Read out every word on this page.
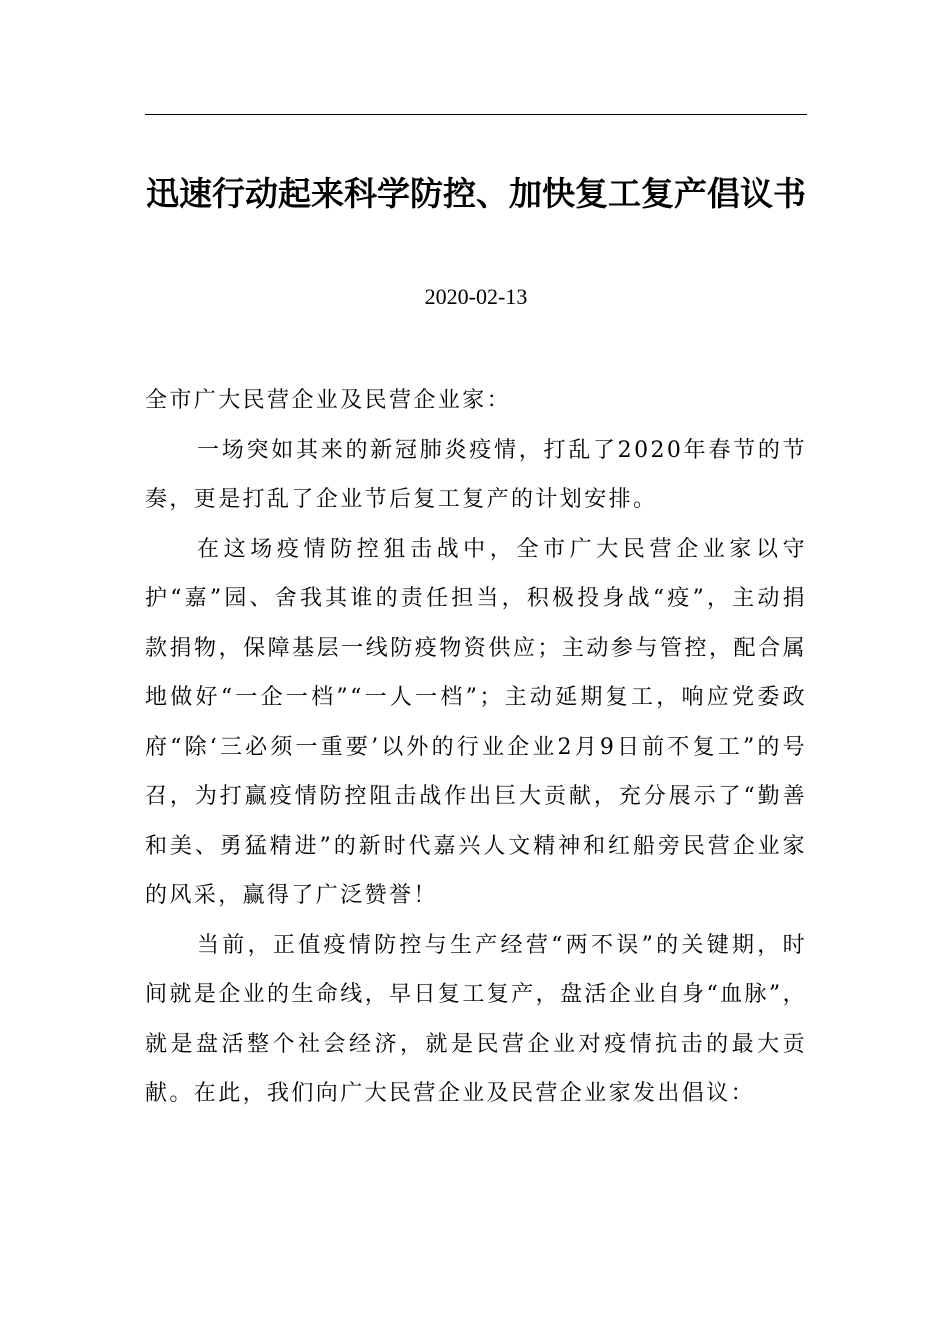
迅速行动起来科学防控、加快复工复产倡议书
2020-02-13

全市广大民营企业及民营企业家：

一场突如其来的新冠肺炎疫情，打乱了2020年春节的节奏，更是打乱了企业节后复工复产的计划安排。

在这场疫情防控狙击战中，全市广大民营企业家以守护“嘉”园、舍我其谁的责任担当，积极投身战“疫”，主动捐款捐物，保障基层一线防疫物资供应；主动参与管控，配合属地做好“一企一档”“一人一档”；主动延期复工，响应党委政府“除‘三必须一重要’以外的行业企业2月9日前不复工”的号召，为打赢疫情防控阻击战作出巨大贡献，充分展示了“勤善和美、勇猛精进”的新时代嘉兴人文精神和红船旁民营企业家的风采，赢得了广泛赞誉！

当前，正值疫情防控与生产经营“两不误”的关键期，时间就是企业的生命线，早日复工复产，盘活企业自身“血脉”，就是盘活整个社会经济，就是民营企业对疫情抗击的最大贡献。在此，我们向广大民营企业及民营企业家发出倡议：
